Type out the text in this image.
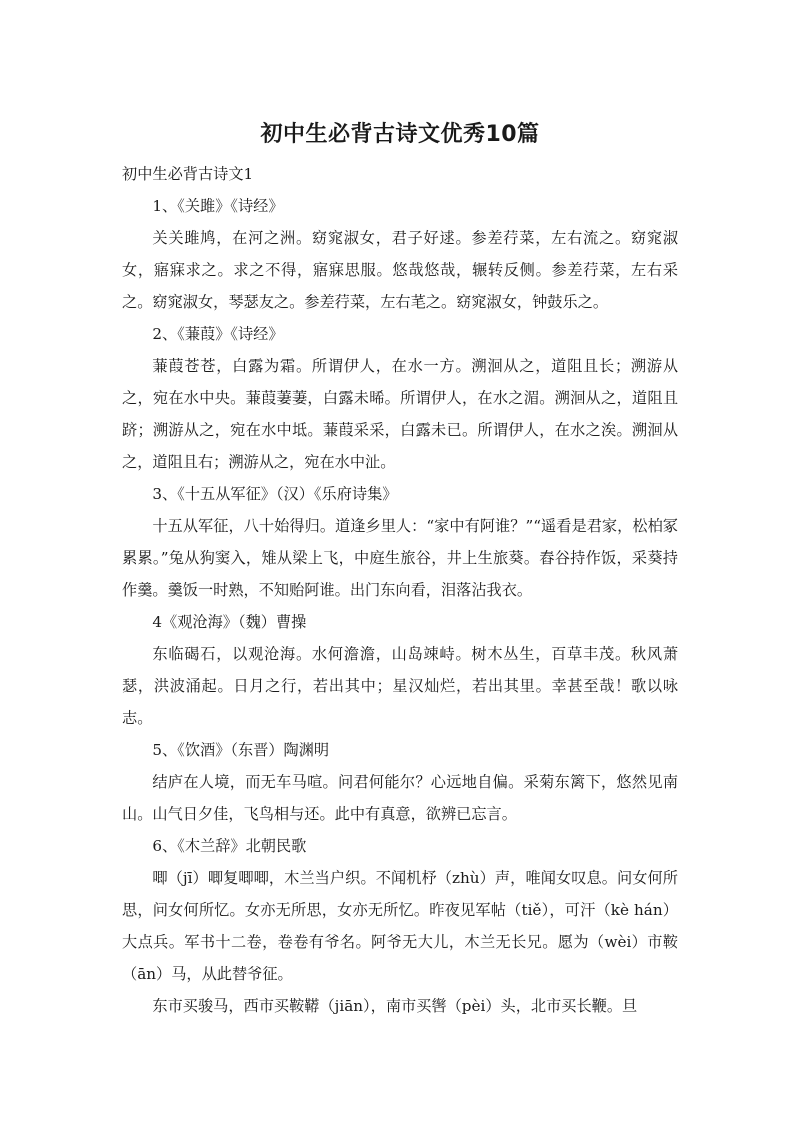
初中生必背古诗文优秀10篇

初中生必背古诗文1

1、《关雎》《诗经》

关关雎鸠，在河之洲。窈窕淑女，君子好逑。参差荇菜，左右流之。窈窕淑女，寤寐求之。求之不得，寤寐思服。悠哉悠哉，辗转反侧。参差荇菜，左右采之。窈窕淑女，琴瑟友之。参差荇菜，左右芼之。窈窕淑女，钟鼓乐之。

2、《蒹葭》《诗经》

蒹葭苍苍，白露为霜。所谓伊人，在水一方。溯洄从之，道阻且长；溯游从之，宛在水中央。蒹葭萋萋，白露未晞。所谓伊人，在水之湄。溯洄从之，道阻且跻；溯游从之，宛在水中坻。蒹葭采采，白露未已。所谓伊人，在水之涘。溯洄从之，道阻且右；溯游从之，宛在水中沚。

3、《十五从军征》（汉）《乐府诗集》

十五从军征，八十始得归。道逢乡里人：“家中有阿谁？”“遥看是君家，松柏冢累累。”兔从狗窦入，雉从梁上飞，中庭生旅谷，井上生旅葵。舂谷持作饭，采葵持作羹。羹饭一时熟，不知贻阿谁。出门东向看，泪落沾我衣。

4《观沧海》（魏）曹操

东临碣石，以观沧海。水何澹澹，山岛竦峙。树木丛生，百草丰茂。秋风萧瑟，洪波涌起。日月之行，若出其中；星汉灿烂，若出其里。幸甚至哉！歌以咏志。

5、《饮酒》（东晋）陶渊明

结庐在人境，而无车马喧。问君何能尔？心远地自偏。采菊东篱下，悠然见南山。山气日夕佳，飞鸟相与还。此中有真意，欲辨已忘言。

6、《木兰辞》北朝民歌

唧（jī）唧复唧唧，木兰当户织。不闻机杼（zhù）声，唯闻女叹息。问女何所思，问女何所忆。女亦无所思，女亦无所忆。昨夜见军帖（tiě），可汗（kè hán）大点兵。军书十二卷，卷卷有爷名。阿爷无大儿，木兰无长兄。愿为（wèi）市鞍（ān）马，从此替爷征。

东市买骏马，西市买鞍鞯（jiān），南市买辔（pèi）头，北市买长鞭。旦
